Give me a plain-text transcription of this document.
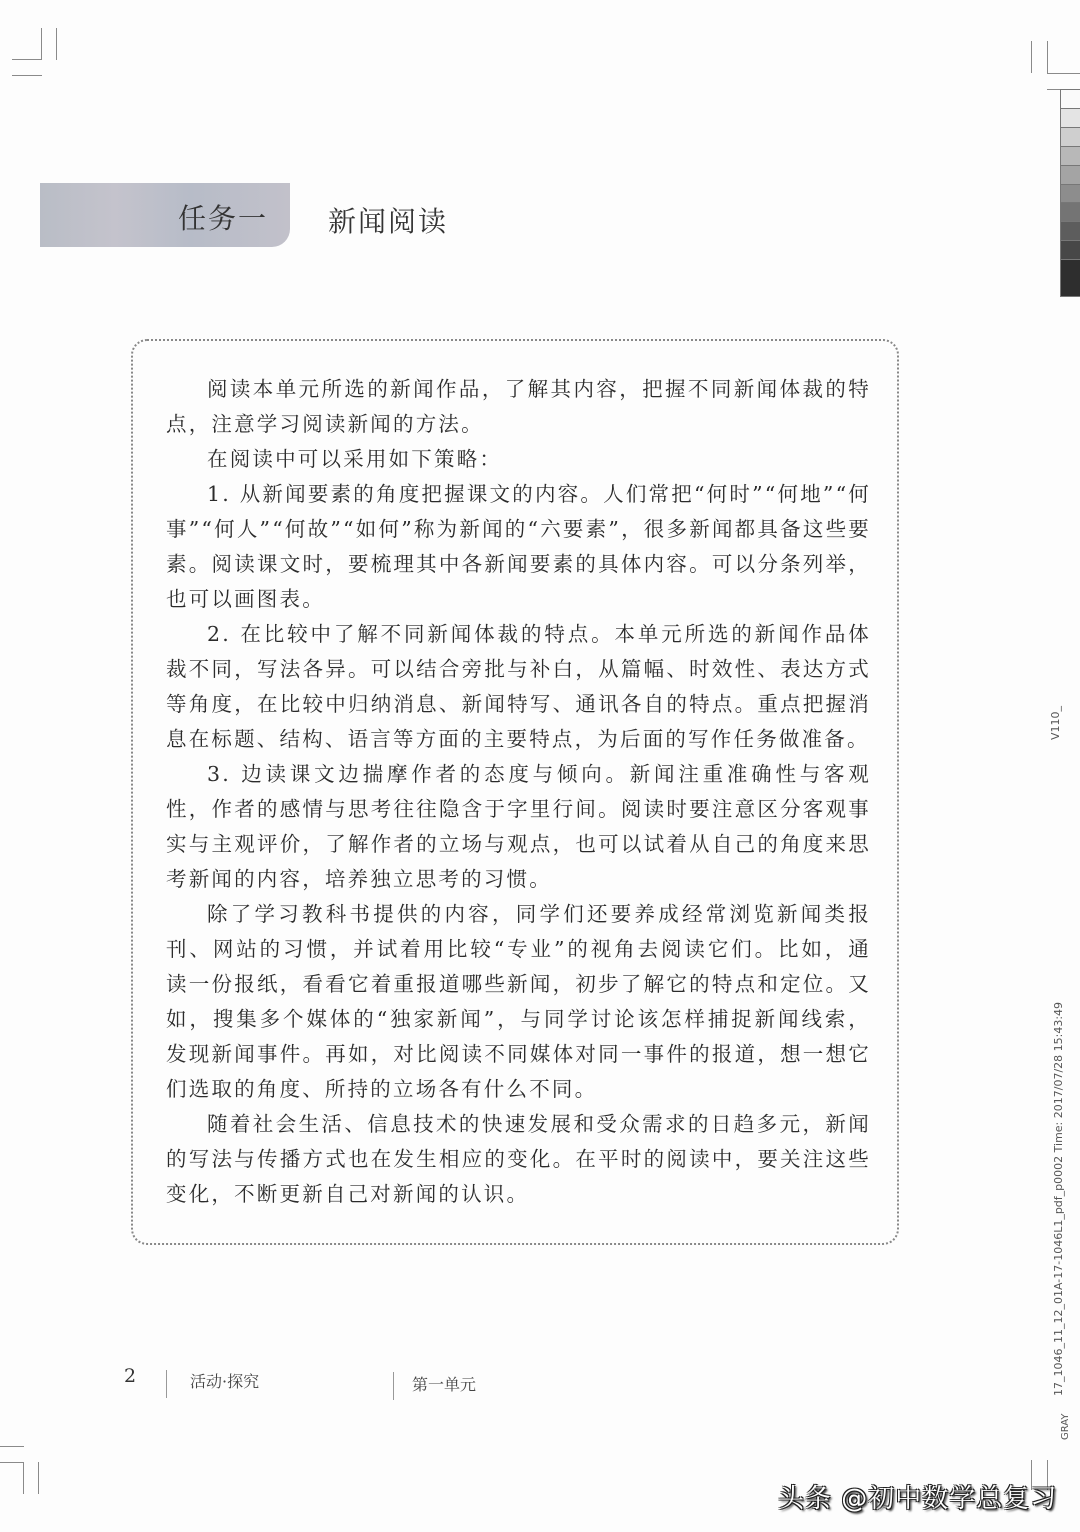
任务一 新闻阅读

阅读本单元所选的新闻作品，了解其内容，把握不同新闻体裁的特点，注意学习阅读新闻的方法。

在阅读中可以采用如下策略：

1. 从新闻要素的角度把握课文的内容。人们常把“何时”“何地”“何事”“何人”“何故”“如何”称为新闻的“六要素”，很多新闻都具备这些要素。阅读课文时，要梳理其中各新闻要素的具体内容。可以分条列举，也可以画图表。

2. 在比较中了解不同新闻体裁的特点。本单元所选的新闻作品体裁不同，写法各异。可以结合旁批与补白，从篇幅、时效性、表达方式等角度，在比较中归纳消息、新闻特写、通讯各自的特点。重点把握消息在标题、结构、语言等方面的主要特点，为后面的写作任务做准备。

3. 边读课文边揣摩作者的态度与倾向。新闻注重准确性与客观性，作者的感情与思考往往隐含于字里行间。阅读时要注意区分客观事实与主观评价，了解作者的立场与观点，也可以试着从自己的角度来思考新闻的内容，培养独立思考的习惯。

除了学习教科书提供的内容，同学们还要养成经常浏览新闻类报刊、网站的习惯，并试着用比较“专业”的视角去阅读它们。比如，通读一份报纸，看看它着重报道哪些新闻，初步了解它的特点和定位。又如，搜集多个媒体的“独家新闻”，与同学讨论该怎样捕捉新闻线索，发现新闻事件。再如，对比阅读不同媒体对同一事件的报道，想一想它们选取的角度、所持的立场各有什么不同。

随着社会生活、信息技术的快速发展和受众需求的日趋多元，新闻的写法与传播方式也在发生相应的变化。在平时的阅读中，要关注这些变化，不断更新自己对新闻的认识。

2	活动·探究	第一单元
V110_
17_1046_11_12_01A-17-1046L1_pdf_p0002 Time: 2017/07/28 15:43:49
GRAY
头条 @初中数学总复习
